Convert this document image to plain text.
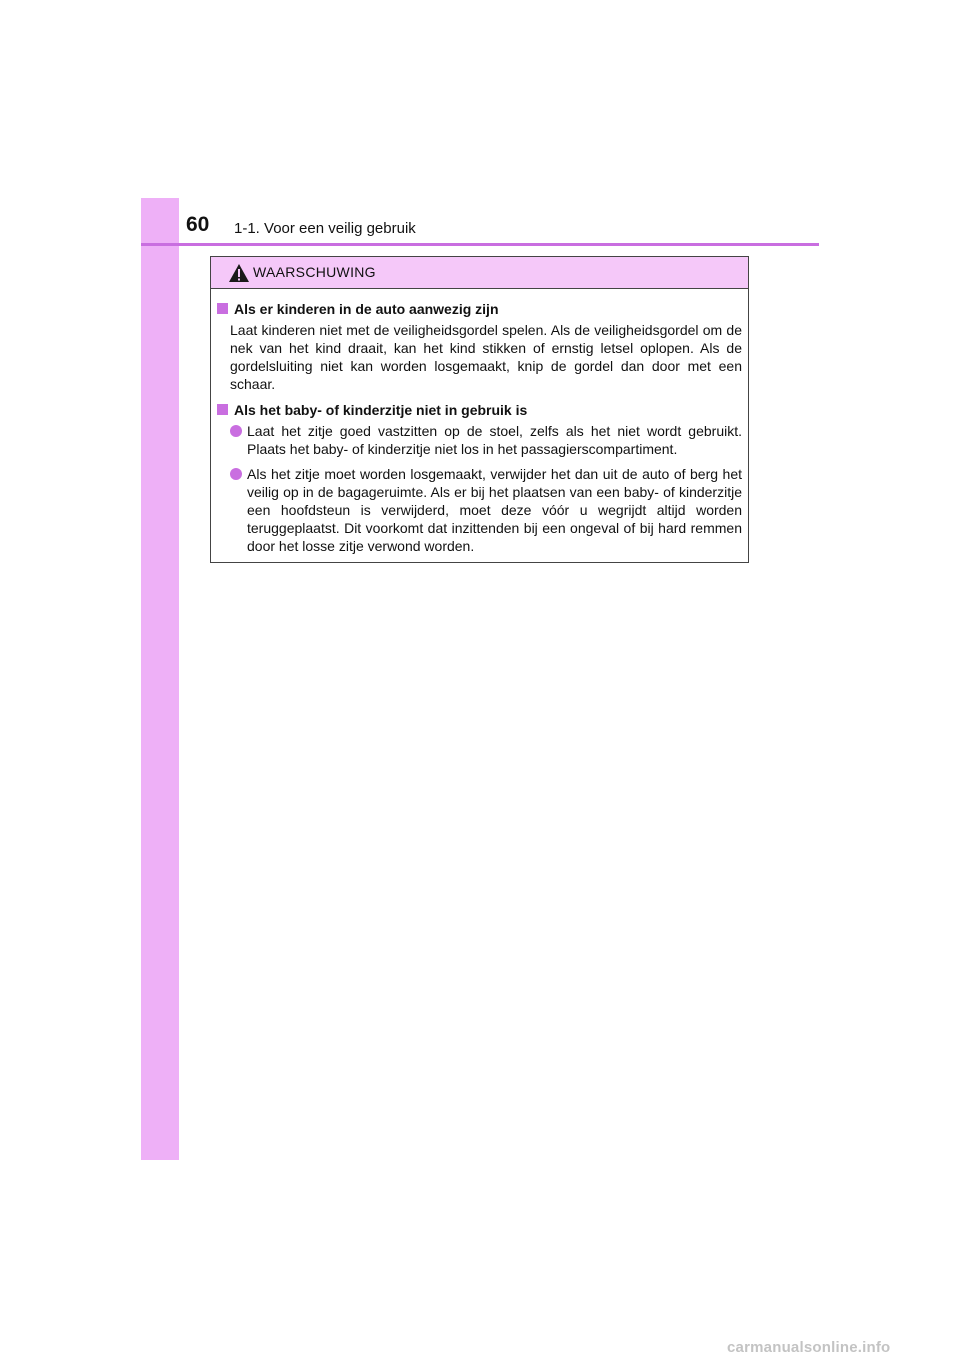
60 1-1. Voor een veilig gebruik
WAARSCHUWING
Als er kinderen in de auto aanwezig zijn
Laat kinderen niet met de veiligheidsgordel spelen. Als de veiligheidsgordel om de nek van het kind draait, kan het kind stikken of ernstig letsel oplopen. Als de gordelsluiting niet kan worden losgemaakt, knip de gordel dan door met een schaar.
Als het baby- of kinderzitje niet in gebruik is
Laat het zitje goed vastzitten op de stoel, zelfs als het niet wordt gebruikt. Plaats het baby- of kinderzitje niet los in het passagierscompartiment.
Als het zitje moet worden losgemaakt, verwijder het dan uit de auto of berg het veilig op in de bagageruimte. Als er bij het plaatsen van een baby- of kinderzitje een hoofdsteun is verwijderd, moet deze vóór u wegrijdt altijd worden teruggeplaatst. Dit voorkomt dat inzittenden bij een ongeval of bij hard remmen door het losse zitje verwond worden.
carmanualsonline.info
